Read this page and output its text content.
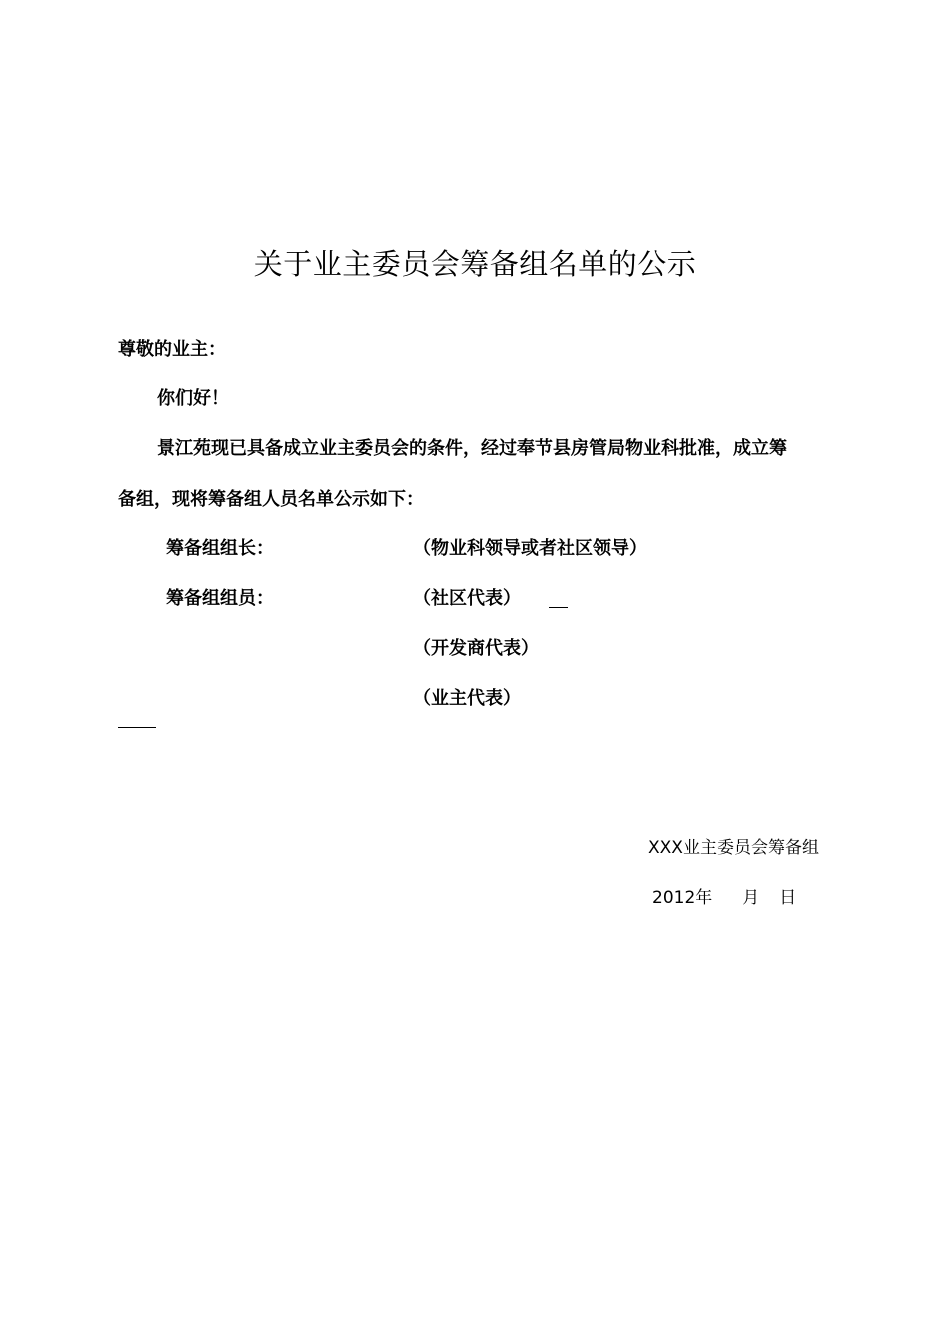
关于业主委员会筹备组名单的公示
尊敬的业主：
你们好！
景江苑现已具备成立业主委员会的条件，经过奉节县房管局物业科批准，成立筹
备组，现将筹备组人员名单公示如下：
筹备组组长：	（物业科领导或者社区领导）
筹备组组员：	（社区代表）
（开发商代表）
（业主代表）
XXX业主委员会筹备组
2012年 月 日
